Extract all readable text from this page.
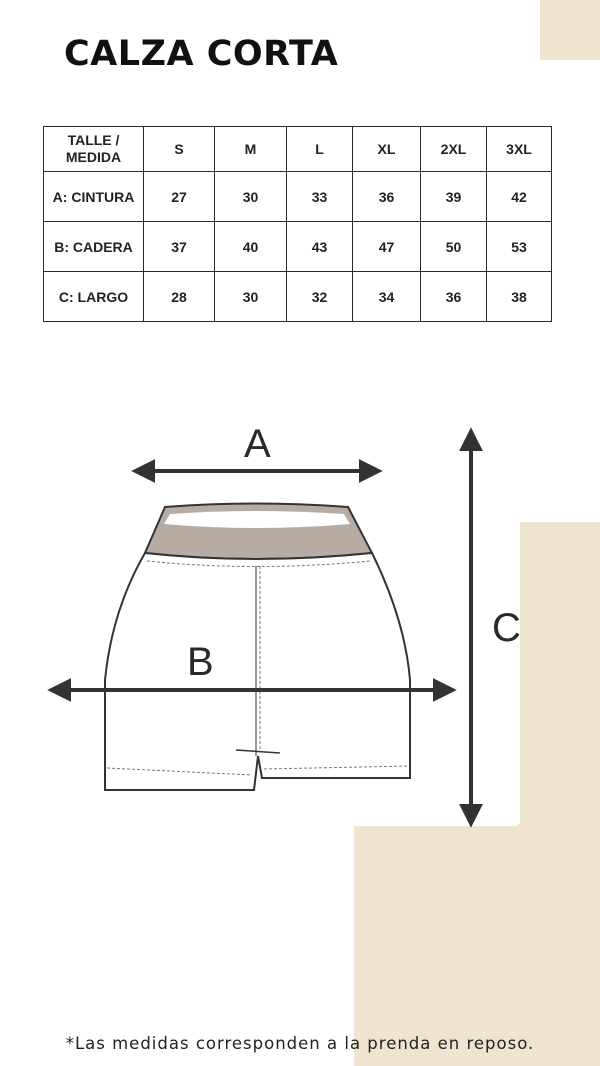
CALZA CORTA
TALLE /
MEDIDA	S	M	L	XL	2XL	3XL
A: CINTURA	27	30	33	36	39	42
B: CADERA	37	40	43	47	50	53
C: LARGO	28	30	32	34	36	38
A
B
C
*Las medidas corresponden a la prenda en reposo.
